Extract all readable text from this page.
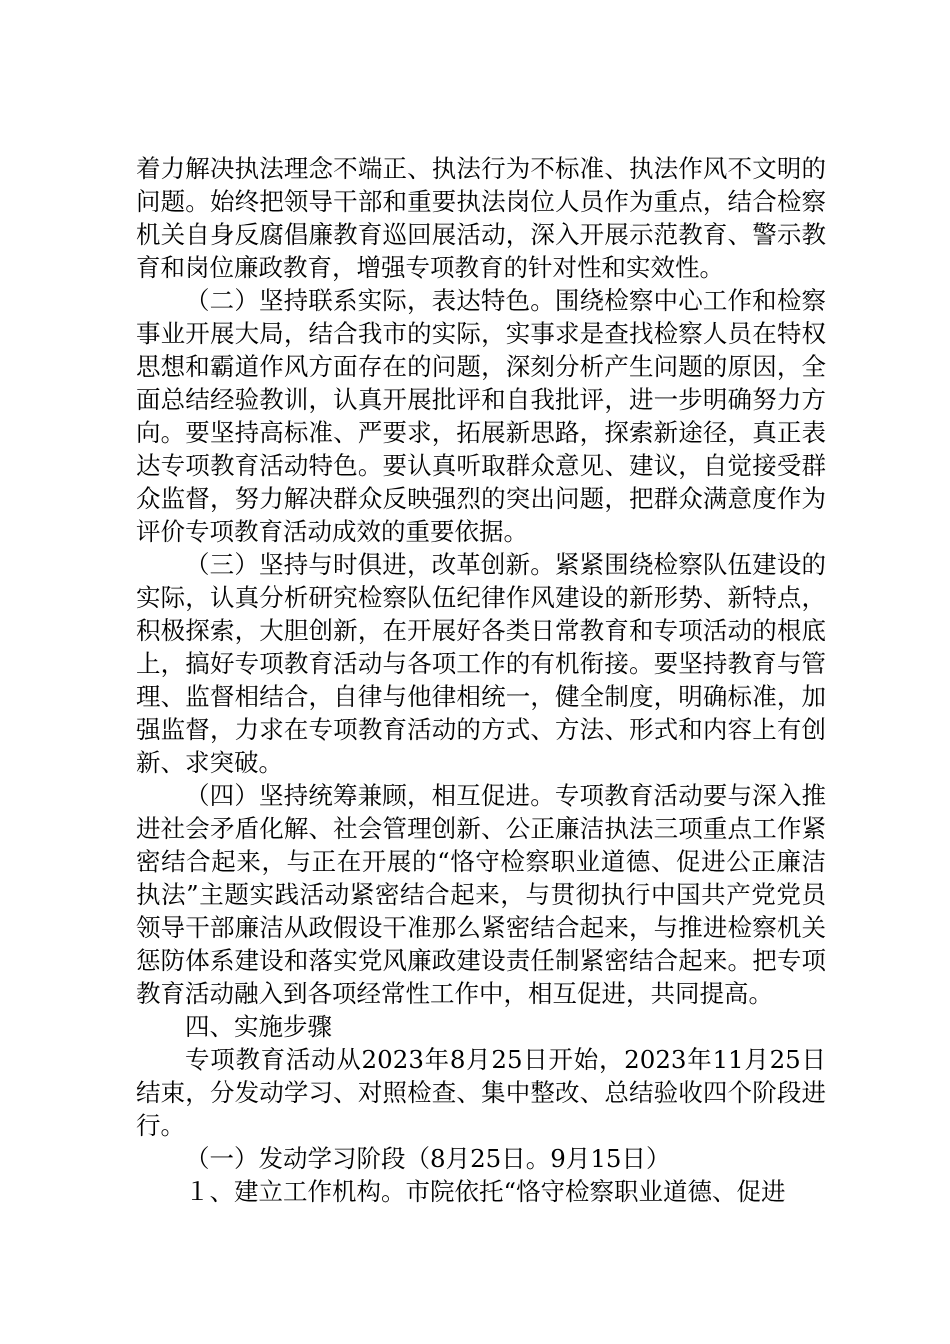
着力解决执法理念不端正、执法行为不标准、执法作风不文明的问题。始终把领导干部和重要执法岗位人员作为重点，结合检察机关自身反腐倡廉教育巡回展活动，深入开展示范教育、警示教育和岗位廉政教育，增强专项教育的针对性和实效性。

（二）坚持联系实际，表达特色。围绕检察中心工作和检察事业开展大局，结合我市的实际，实事求是查找检察人员在特权思想和霸道作风方面存在的问题，深刻分析产生问题的原因，全面总结经验教训，认真开展批评和自我批评，进一步明确努力方向。要坚持高标准、严要求，拓展新思路，探索新途径，真正表达专项教育活动特色。要认真听取群众意见、建议，自觉接受群众监督，努力解决群众反映强烈的突出问题，把群众满意度作为评价专项教育活动成效的重要依据。

（三）坚持与时俱进，改革创新。紧紧围绕检察队伍建设的实际，认真分析研究检察队伍纪律作风建设的新形势、新特点，积极探索，大胆创新，在开展好各类日常教育和专项活动的根底上，搞好专项教育活动与各项工作的有机衔接。要坚持教育与管理、监督相结合，自律与他律相统一，健全制度，明确标准，加强监督，力求在专项教育活动的方式、方法、形式和内容上有创新、求突破。

（四）坚持统筹兼顾，相互促进。专项教育活动要与深入推进社会矛盾化解、社会管理创新、公正廉洁执法三项重点工作紧密结合起来，与正在开展的“恪守检察职业道德、促进公正廉洁执法”主题实践活动紧密结合起来，与贯彻执行中国共产党党员领导干部廉洁从政假设干准那么紧密结合起来，与推进检察机关惩防体系建设和落实党风廉政建设责任制紧密结合起来。把专项教育活动融入到各项经常性工作中，相互促进，共同提高。

四、实施步骤

专项教育活动从2023年8月25日开始，2023年11月25日结束，分发动学习、对照检查、集中整改、总结验收四个阶段进行。

（一）发动学习阶段（8月25日。9月15日）

１、建立工作机构。市院依托“恪守检察职业道德、促进
